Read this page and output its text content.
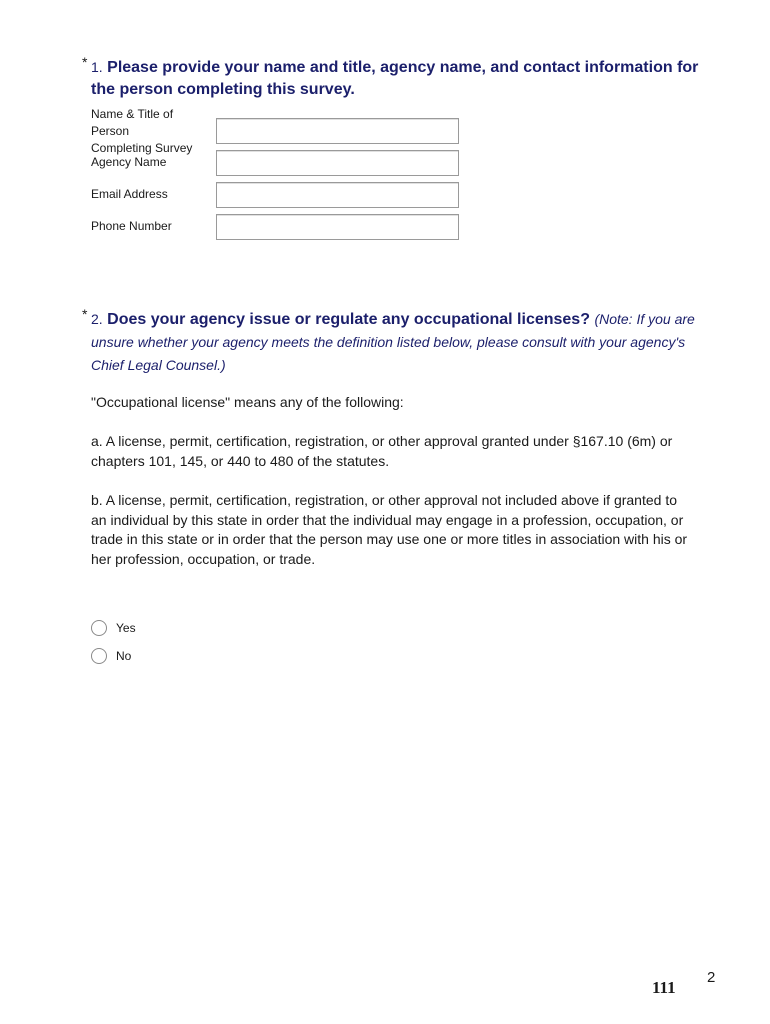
* 1. Please provide your name and title, agency name, and contact information for the person completing this survey.
Name & Title of Person
Completing Survey
Agency Name
Email Address
Phone Number
* 2. Does your agency issue or regulate any occupational licenses? (Note: If you are unsure whether your agency meets the definition listed below, please consult with your agency's Chief Legal Counsel.)
"Occupational license" means any of the following:
a. A license, permit, certification, registration, or other approval granted under §167.10 (6m) or chapters 101, 145, or 440 to 480 of the statutes.
b. A license, permit, certification, registration, or other approval not included above if granted to an individual by this state in order that the individual may engage in a profession, occupation, or trade in this state or in order that the person may use one or more titles in association with his or her profession, occupation, or trade.
Yes
No
2
111
